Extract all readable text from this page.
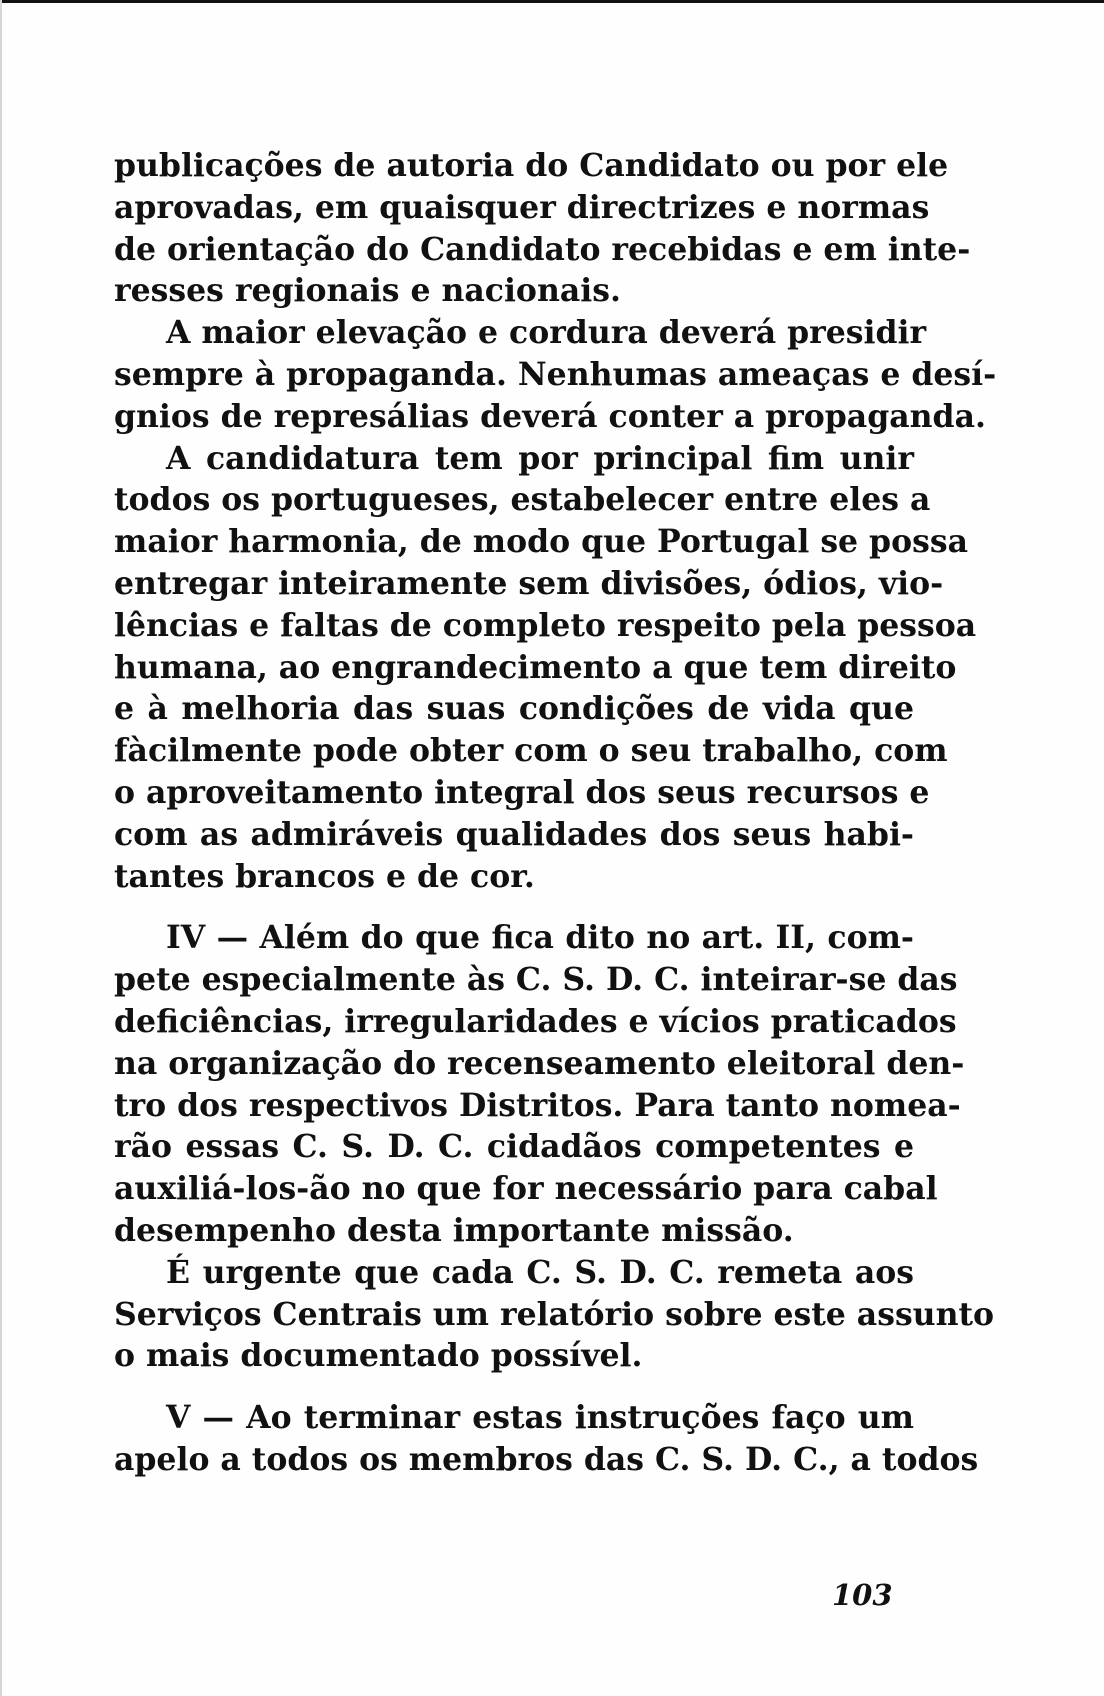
publicações de autoria do Candidato ou por ele
aprovadas, em quaisquer directrizes e normas
de orientação do Candidato recebidas e em inte-
resses regionais e nacionais.
A maior elevação e cordura deverá presidir
sempre à propaganda. Nenhumas ameaças e desí-
gnios de represálias deverá conter a propaganda.
A candidatura tem por principal fim unir
todos os portugueses, estabelecer entre eles a
maior harmonia, de modo que Portugal se possa
entregar inteiramente sem divisões, ódios, vio-
lências e faltas de completo respeito pela pessoa
humana, ao engrandecimento a que tem direito
e à melhoria das suas condições de vida que
fàcilmente pode obter com o seu trabalho, com
o aproveitamento integral dos seus recursos e
com as admiráveis qualidades dos seus habi-
tantes brancos e de cor.
IV — Além do que fica dito no art. II, com-
pete especialmente às C. S. D. C. inteirar-se das
deficiências, irregularidades e vícios praticados
na organização do recenseamento eleitoral den-
tro dos respectivos Distritos. Para tanto nomea-
rão essas C. S. D. C. cidadãos competentes e
auxiliá-los-ão no que for necessário para cabal
desempenho desta importante missão.
É urgente que cada C. S. D. C. remeta aos
Serviços Centrais um relatório sobre este assunto
o mais documentado possível.
V — Ao terminar estas instruções faço um
apelo a todos os membros das C. S. D. C., a todos
103
